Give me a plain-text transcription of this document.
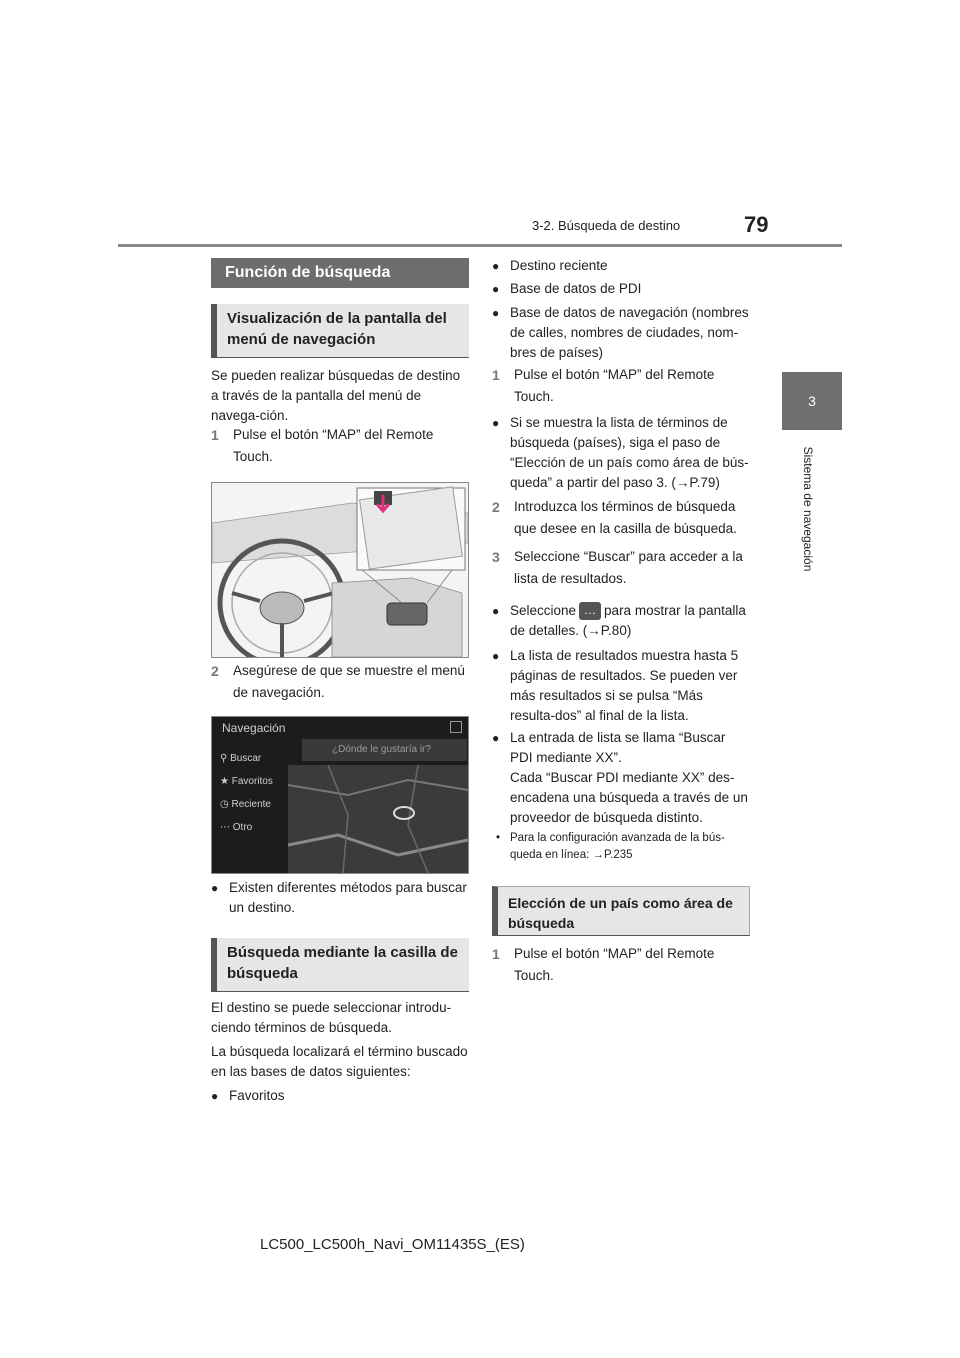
3-2. Búsqueda de destino	79
3
Sistema de navegación
Función de búsqueda
Visualización de la pantalla del menú de navegación
Se pueden realizar búsquedas de destino a través de la pantalla del menú de navega-ción.
1	Pulse el botón “MAP” del Remote Touch.
2	Asegúrese de que se muestre el menú de navegación.
Navegación
⚲ Buscar
★ Favoritos
◷ Reciente
⋯ Otro
¿Dónde le gustaría ir?
● Existen diferentes métodos para buscar un destino.
Búsqueda mediante la casilla de búsqueda
El destino se puede seleccionar introdu-ciendo términos de búsqueda.
La búsqueda localizará el término buscado en las bases de datos siguientes:
● Favoritos
● Destino reciente
● Base de datos de PDI
● Base de datos de navegación (nombres de calles, nombres de ciudades, nom-bres de países)
1	Pulse el botón “MAP” del Remote Touch.
● Si se muestra la lista de términos de búsqueda (países), siga el paso de “Elección de un país como área de bús-queda” a partir del paso 3. (→P.79)
2	Introduzca los términos de búsqueda que desee en la casilla de búsqueda.
3	Seleccione “Buscar” para acceder a la lista de resultados.
● Seleccione… para mostrar la pantalla de detalles. (→P.80)
● La lista de resultados muestra hasta 5 páginas de resultados. Se pueden ver más resultados si se pulsa “Más resulta-dos” al final de la lista.
● La entrada de lista se llama “Buscar PDI mediante XX”.
Cada “Buscar PDI mediante XX” des-encadena una búsqueda a través de un proveedor de búsqueda distinto.
• Para la configuración avanzada de la bús-queda en línea: →P.235
Elección de un país como área de búsqueda
1	Pulse el botón “MAP” del Remote Touch.
LC500_LC500h_Navi_OM11435S_(ES)
